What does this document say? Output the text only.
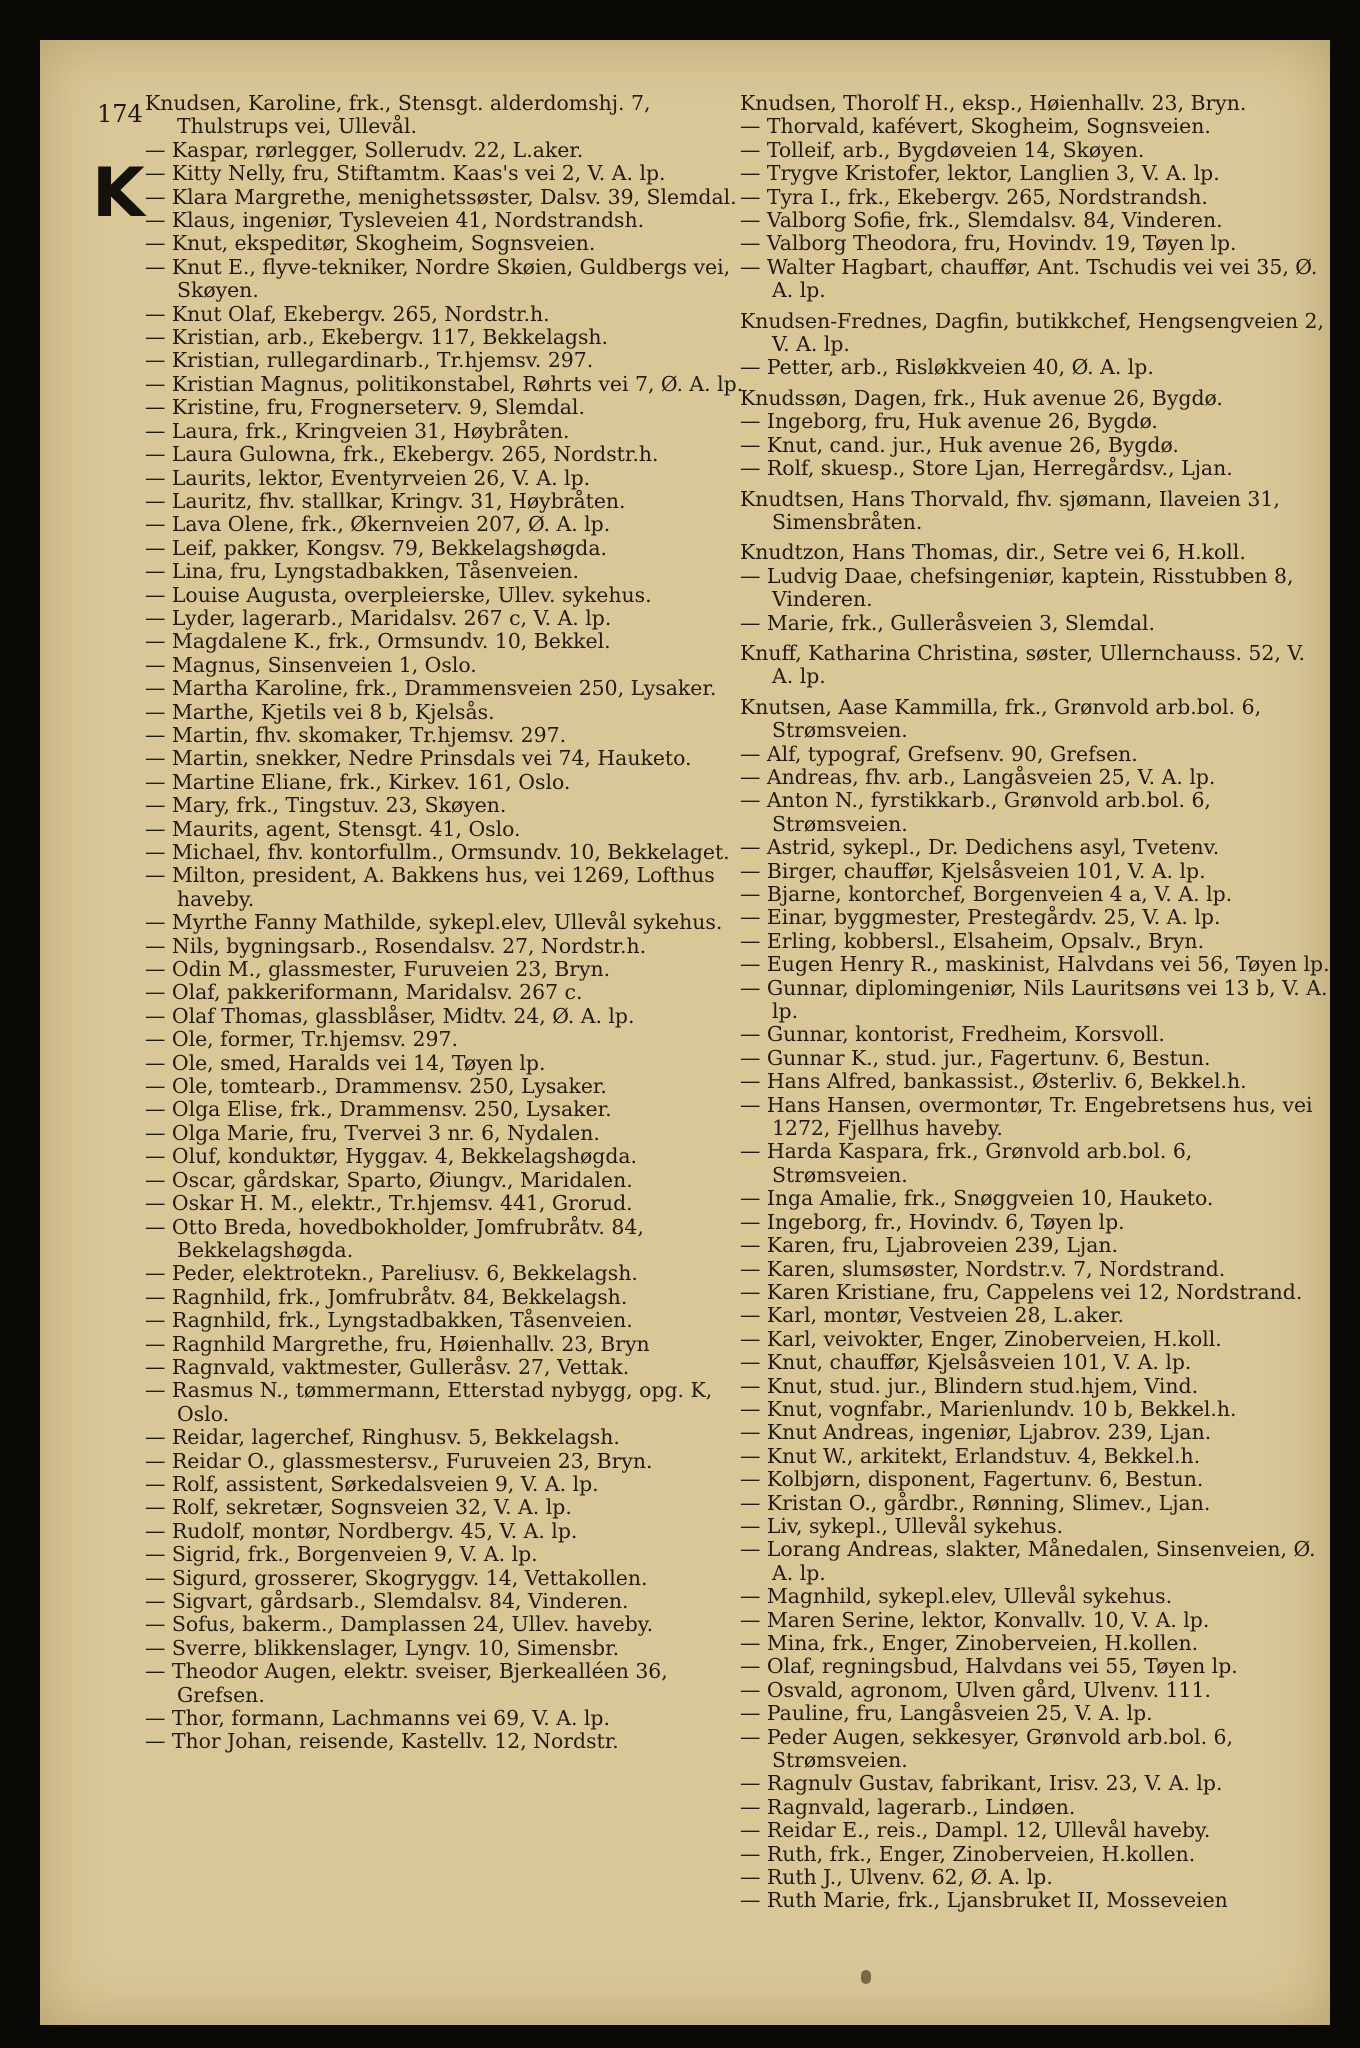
174
K

Knudsen, Karoline, frk., Stensgt. alderdomshj. 7, Thulstrups vei, Ullevål.

— Kaspar, rørlegger, Sollerudv. 22, L.aker.

— Kitty Nelly, fru, Stiftamtm. Kaas's vei 2, V. A. lp.

— Klara Margrethe, menighetssøster, Dalsv. 39, Slemdal.

— Klaus, ingeniør, Tysleveien 41, Nordstrandsh.

— Knut, ekspeditør, Skogheim, Sognsveien.

— Knut E., flyve-tekniker, Nordre Skøien, Guldbergs vei, Skøyen.

— Knut Olaf, Ekebergv. 265, Nordstr.h.

— Kristian, arb., Ekebergv. 117, Bekkelagsh.

— Kristian, rullegardinarb., Tr.hjemsv. 297.

— Kristian Magnus, politikonstabel, Røhrts vei 7, Ø. A. lp.

— Kristine, fru, Frognerseterv. 9, Slemdal.

— Laura, frk., Kringveien 31, Høybråten.

— Laura Gulowna, frk., Ekebergv. 265, Nordstr.h.

— Laurits, lektor, Eventyrveien 26, V. A. lp.

— Lauritz, fhv. stallkar, Kringv. 31, Høybråten.

— Lava Olene, frk., Økernveien 207, Ø. A. lp.

— Leif, pakker, Kongsv. 79, Bekkelagshøgda.

— Lina, fru, Lyngstadbakken, Tåsenveien.

— Louise Augusta, overpleierske, Ullev. sykehus.

— Lyder, lagerarb., Maridalsv. 267 c, V. A. lp.

— Magdalene K., frk., Ormsundv. 10, Bekkel.

— Magnus, Sinsenveien 1, Oslo.

— Martha Karoline, frk., Drammensveien 250, Lysaker.

— Marthe, Kjetils vei 8 b, Kjelsås.

— Martin, fhv. skomaker, Tr.hjemsv. 297.

— Martin, snekker, Nedre Prinsdals vei 74, Hauketo.

— Martine Eliane, frk., Kirkev. 161, Oslo.

— Mary, frk., Tingstuv. 23, Skøyen.

— Maurits, agent, Stensgt. 41, Oslo.

— Michael, fhv. kontorfullm., Ormsundv. 10, Bekkelaget.

— Milton, president, A. Bakkens hus, vei 1269, Lofthus haveby.

— Myrthe Fanny Mathilde, sykepl.elev, Ullevål sykehus.

— Nils, bygningsarb., Rosendalsv. 27, Nordstr.h.

— Odin M., glassmester, Furuveien 23, Bryn.

— Olaf, pakkeriformann, Maridalsv. 267 c.

— Olaf Thomas, glassblåser, Midtv. 24, Ø. A. lp.

— Ole, former, Tr.hjemsv. 297.

— Ole, smed, Haralds vei 14, Tøyen lp.

— Ole, tomtearb., Drammensv. 250, Lysaker.

— Olga Elise, frk., Drammensv. 250, Lysaker.

— Olga Marie, fru, Tvervei 3 nr. 6, Nydalen.

— Oluf, konduktør, Hyggav. 4, Bekkelagshøgda.

— Oscar, gårdskar, Sparto, Øiungv., Maridalen.

— Oskar H. M., elektr., Tr.hjemsv. 441, Grorud.

— Otto Breda, hovedbokholder, Jomfrubråtv. 84, Bekkelagshøgda.

— Peder, elektrotekn., Pareliusv. 6, Bekkelagsh.

— Ragnhild, frk., Jomfrubråtv. 84, Bekkelagsh.

— Ragnhild, frk., Lyngstadbakken, Tåsenveien.

— Ragnhild Margrethe, fru, Høienhallv. 23, Bryn

— Ragnvald, vaktmester, Gulleråsv. 27, Vettak.

— Rasmus N., tømmermann, Etterstad nybygg, opg. K, Oslo.

— Reidar, lagerchef, Ringhusv. 5, Bekkelagsh.

— Reidar O., glassmestersv., Furuveien 23, Bryn.

— Rolf, assistent, Sørkedalsveien 9, V. A. lp.

— Rolf, sekretær, Sognsveien 32, V. A. lp.

— Rudolf, montør, Nordbergv. 45, V. A. lp.

— Sigrid, frk., Borgenveien 9, V. A. lp.

— Sigurd, grosserer, Skogryggv. 14, Vettakollen.

— Sigvart, gårdsarb., Slemdalsv. 84, Vinderen.

— Sofus, bakerm., Damplassen 24, Ullev. haveby.

— Sverre, blikkenslager, Lyngv. 10, Simensbr.

— Theodor Augen, elektr. sveiser, Bjerkealléen 36, Grefsen.

— Thor, formann, Lachmanns vei 69, V. A. lp.

— Thor Johan, reisende, Kastellv. 12, Nordstr.

Knudsen, Thorolf H., eksp., Høienhallv. 23, Bryn.

— Thorvald, kafévert, Skogheim, Sognsveien.

— Tolleif, arb., Bygdøveien 14, Skøyen.

— Trygve Kristofer, lektor, Langlien 3, V. A. lp.

— Tyra I., frk., Ekebergv. 265, Nordstrandsh.

— Valborg Sofie, frk., Slemdalsv. 84, Vinderen.

— Valborg Theodora, fru, Hovindv. 19, Tøyen lp.

— Walter Hagbart, chauffør, Ant. Tschudis vei vei 35, Ø. A. lp.

Knudsen-Frednes, Dagfin, butikkchef, Hengsengveien 2, V. A. lp.

— Petter, arb., Risløkkveien 40, Ø. A. lp.

Knudssøn, Dagen, frk., Huk avenue 26, Bygdø.

— Ingeborg, fru, Huk avenue 26, Bygdø.

— Knut, cand. jur., Huk avenue 26, Bygdø.

— Rolf, skuesp., Store Ljan, Herregårdsv., Ljan.

Knudtsen, Hans Thorvald, fhv. sjømann, Ilaveien 31, Simensbråten.

Knudtzon, Hans Thomas, dir., Setre vei 6, H.koll.

— Ludvig Daae, chefsingeniør, kaptein, Risstubben 8, Vinderen.

— Marie, frk., Gulleråsveien 3, Slemdal.

Knuff, Katharina Christina, søster, Ullernchauss. 52, V. A. lp.

Knutsen, Aase Kammilla, frk., Grønvold arb.bol. 6, Strømsveien.

— Alf, typograf, Grefsenv. 90, Grefsen.

— Andreas, fhv. arb., Langåsveien 25, V. A. lp.

— Anton N., fyrstikkarb., Grønvold arb.bol. 6, Strømsveien.

— Astrid, sykepl., Dr. Dedichens asyl, Tvetenv.

— Birger, chauffør, Kjelsåsveien 101, V. A. lp.

— Bjarne, kontorchef, Borgenveien 4 a, V. A. lp.

— Einar, byggmester, Prestegårdv. 25, V. A. lp.

— Erling, kobbersl., Elsaheim, Opsalv., Bryn.

— Eugen Henry R., maskinist, Halvdans vei 56, Tøyen lp.

— Gunnar, diplomingeniør, Nils Lauritsøns vei 13 b, V. A. lp.

— Gunnar, kontorist, Fredheim, Korsvoll.

— Gunnar K., stud. jur., Fagertunv. 6, Bestun.

— Hans Alfred, bankassist., Østerliv. 6, Bekkel.h.

— Hans Hansen, overmontør, Tr. Engebretsens hus, vei 1272, Fjellhus haveby.

— Harda Kaspara, frk., Grønvold arb.bol. 6, Strømsveien.

— Inga Amalie, frk., Snøggveien 10, Hauketo.

— Ingeborg, fr., Hovindv. 6, Tøyen lp.

— Karen, fru, Ljabroveien 239, Ljan.

— Karen, slumsøster, Nordstr.v. 7, Nordstrand.

— Karen Kristiane, fru, Cappelens vei 12, Nordstrand.

— Karl, montør, Vestveien 28, L.aker.

— Karl, veivokter, Enger, Zinoberveien, H.koll.

— Knut, chauffør, Kjelsåsveien 101, V. A. lp.

— Knut, stud. jur., Blindern stud.hjem, Vind.

— Knut, vognfabr., Marienlundv. 10 b, Bekkel.h.

— Knut Andreas, ingeniør, Ljabrov. 239, Ljan.

— Knut W., arkitekt, Erlandstuv. 4, Bekkel.h.

— Kolbjørn, disponent, Fagertunv. 6, Bestun.

— Kristan O., gårdbr., Rønning, Slimev., Ljan.

— Liv, sykepl., Ullevål sykehus.

— Lorang Andreas, slakter, Månedalen, Sinsenveien, Ø. A. lp.

— Magnhild, sykepl.elev, Ullevål sykehus.

— Maren Serine, lektor, Konvallv. 10, V. A. lp.

— Mina, frk., Enger, Zinoberveien, H.kollen.

— Olaf, regningsbud, Halvdans vei 55, Tøyen lp.

— Osvald, agronom, Ulven gård, Ulvenv. 111.

— Pauline, fru, Langåsveien 25, V. A. lp.

— Peder Augen, sekkesyer, Grønvold arb.bol. 6, Strømsveien.

— Ragnulv Gustav, fabrikant, Irisv. 23, V. A. lp.

— Ragnvald, lagerarb., Lindøen.

— Reidar E., reis., Dampl. 12, Ullevål haveby.

— Ruth, frk., Enger, Zinoberveien, H.kollen.

— Ruth J., Ulvenv. 62, Ø. A. lp.

— Ruth Marie, frk., Ljansbruket II, Mosseveien
